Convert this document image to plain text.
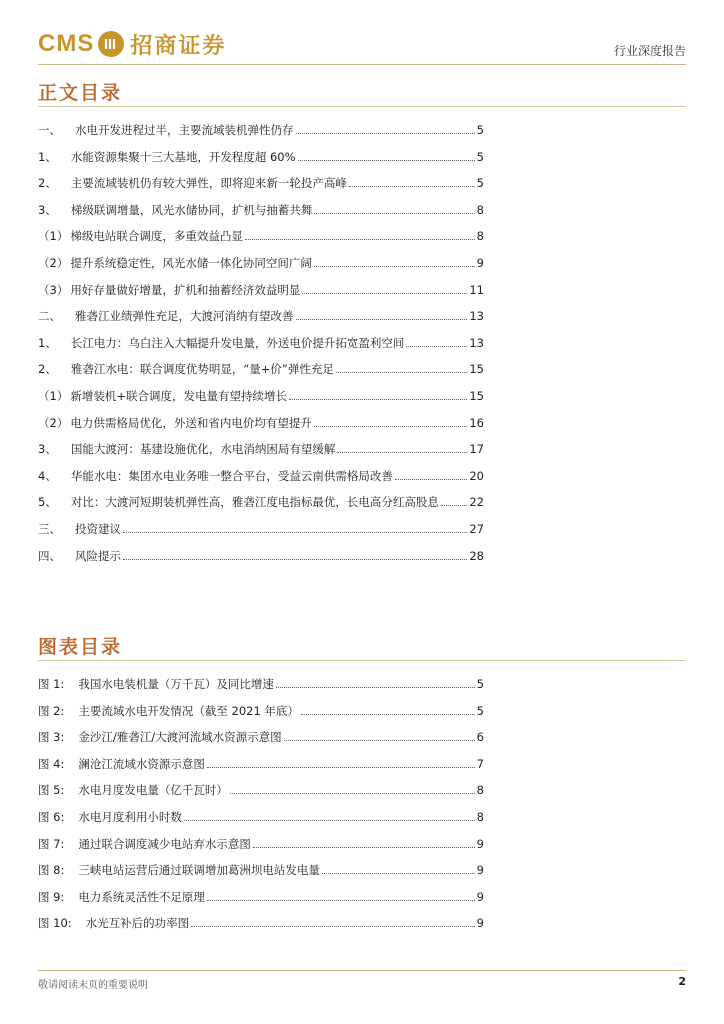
CMS 招商证券	行业深度报告
正文目录
一、 水电开发进程过半，主要流域装机弹性仍存	5
1、 水能资源集聚十三大基地，开发程度超 60%	5
2、 主要流域装机仍有较大弹性，即将迎来新一轮投产高峰	5
3、 梯级联调增量，风光水储协同，扩机与抽蓄共舞	8
（1） 梯级电站联合调度，多重效益凸显	8
（2） 提升系统稳定性，风光水储一体化协同空间广阔	9
（3） 用好存量做好增量，扩机和抽蓄经济效益明显	11
二、 雅砻江业绩弹性充足，大渡河消纳有望改善	13
1、 长江电力：乌白注入大幅提升发电量，外送电价提升拓宽盈利空间	13
2、 雅砻江水电：联合调度优势明显，“量+价”弹性充足	15
（1） 新增装机+联合调度，发电量有望持续增长	15
（2） 电力供需格局优化，外送和省内电价均有望提升	16
3、 国能大渡河：基建设施优化，水电消纳困局有望缓解	17
4、 华能水电：集团水电业务唯一整合平台，受益云南供需格局改善	20
5、 对比：大渡河短期装机弹性高，雅砻江度电指标最优，长电高分红高股息	22
三、 投资建议	27
四、 风险提示	28
图表目录
图 1: 我国水电装机量（万千瓦）及同比增速	5
图 2: 主要流域水电开发情况（截至 2021 年底）	5
图 3: 金沙江/雅砻江/大渡河流域水资源示意图	6
图 4: 澜沧江流域水资源示意图	7
图 5: 水电月度发电量（亿千瓦时）	8
图 6: 水电月度利用小时数	8
图 7: 通过联合调度减少电站弃水示意图	9
图 8: 三峡电站运营后通过联调增加葛洲坝电站发电量	9
图 9: 电力系统灵活性不足原理	9
图 10: 水光互补后的功率图	9
敬请阅读末页的重要说明	2
